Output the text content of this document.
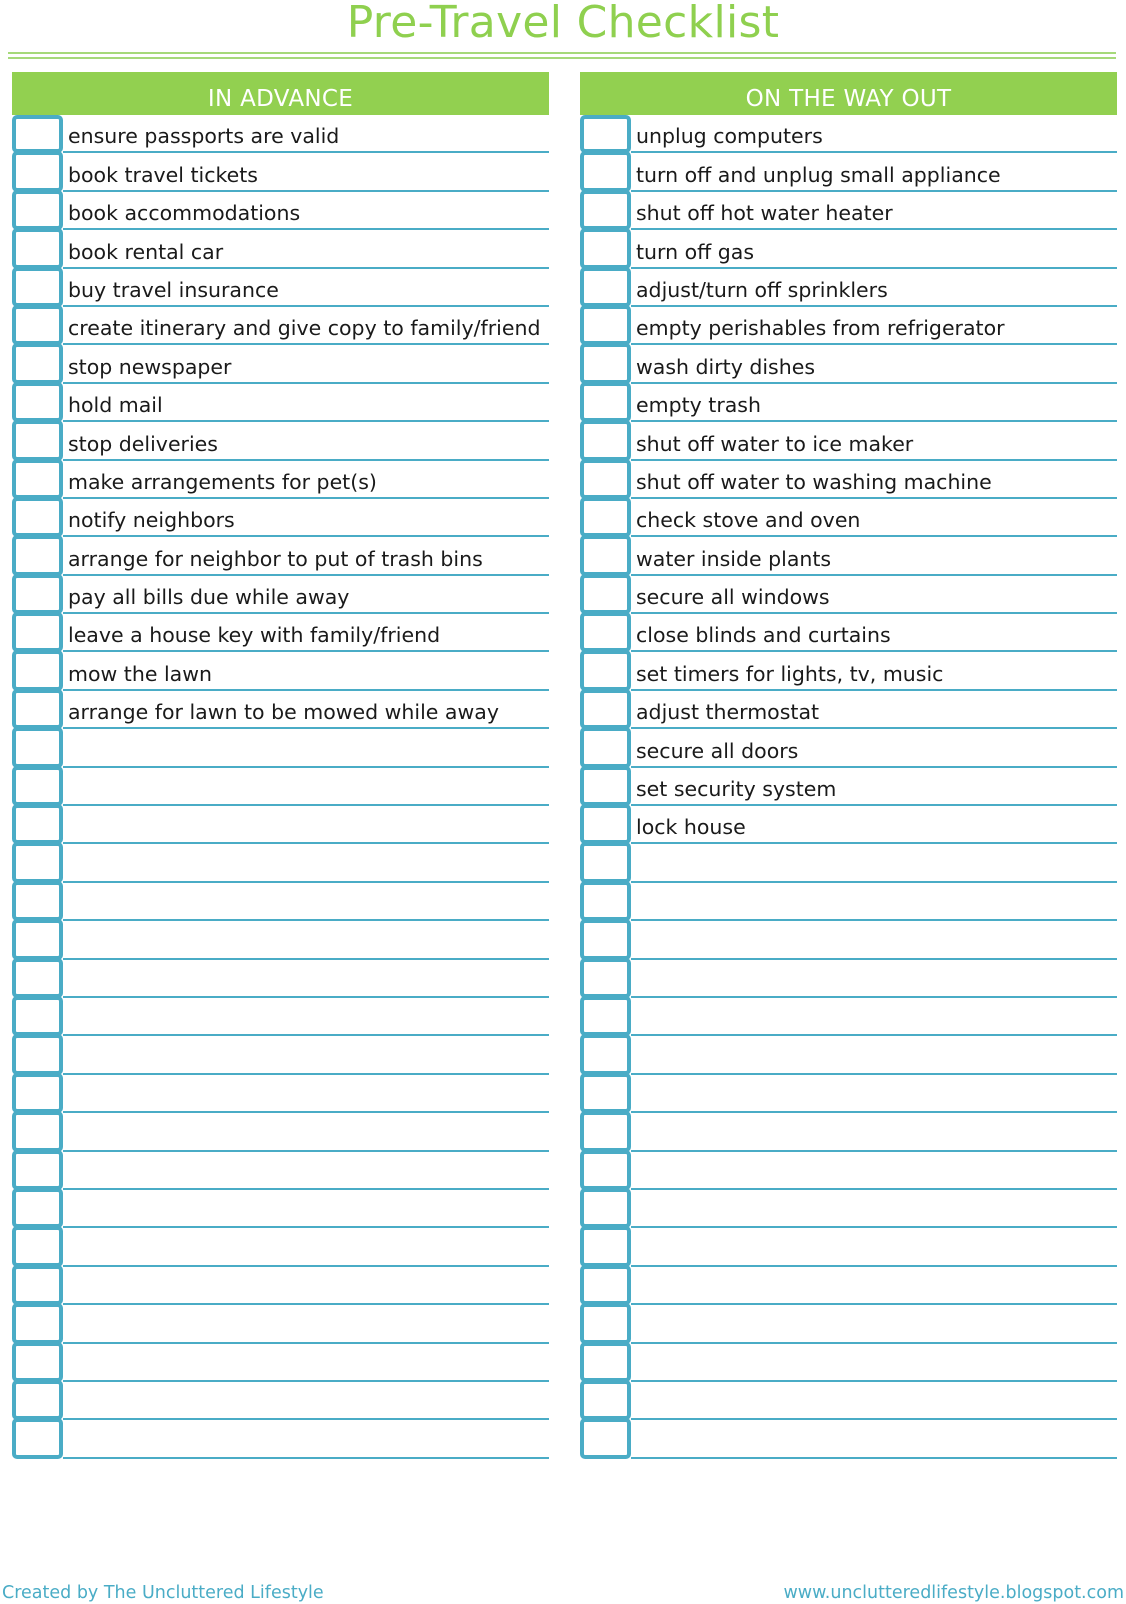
Pre-Travel Checklist
IN ADVANCE
ensure passports are valid
book travel tickets
book accommodations
book rental car
buy travel insurance
create itinerary and give copy to family/friend
stop newspaper
hold mail
stop deliveries
make arrangements for pet(s)
notify neighbors
arrange for neighbor to put of trash bins
pay all bills due while away
leave a house key with family/friend
mow the lawn
arrange for lawn to be mowed while away
ON THE WAY OUT
unplug computers
turn off and unplug small appliance
shut off hot water heater
turn off gas
adjust/turn off sprinklers
empty perishables from refrigerator
wash dirty dishes
empty trash
shut off water to ice maker
shut off water to washing machine
check stove and oven
water inside plants
secure all windows
close blinds and curtains
set timers for lights, tv, music
adjust thermostat
secure all doors
set security system
lock house
Created by The Uncluttered Lifestyle	www.unclutteredlifestyle.blogspot.com
